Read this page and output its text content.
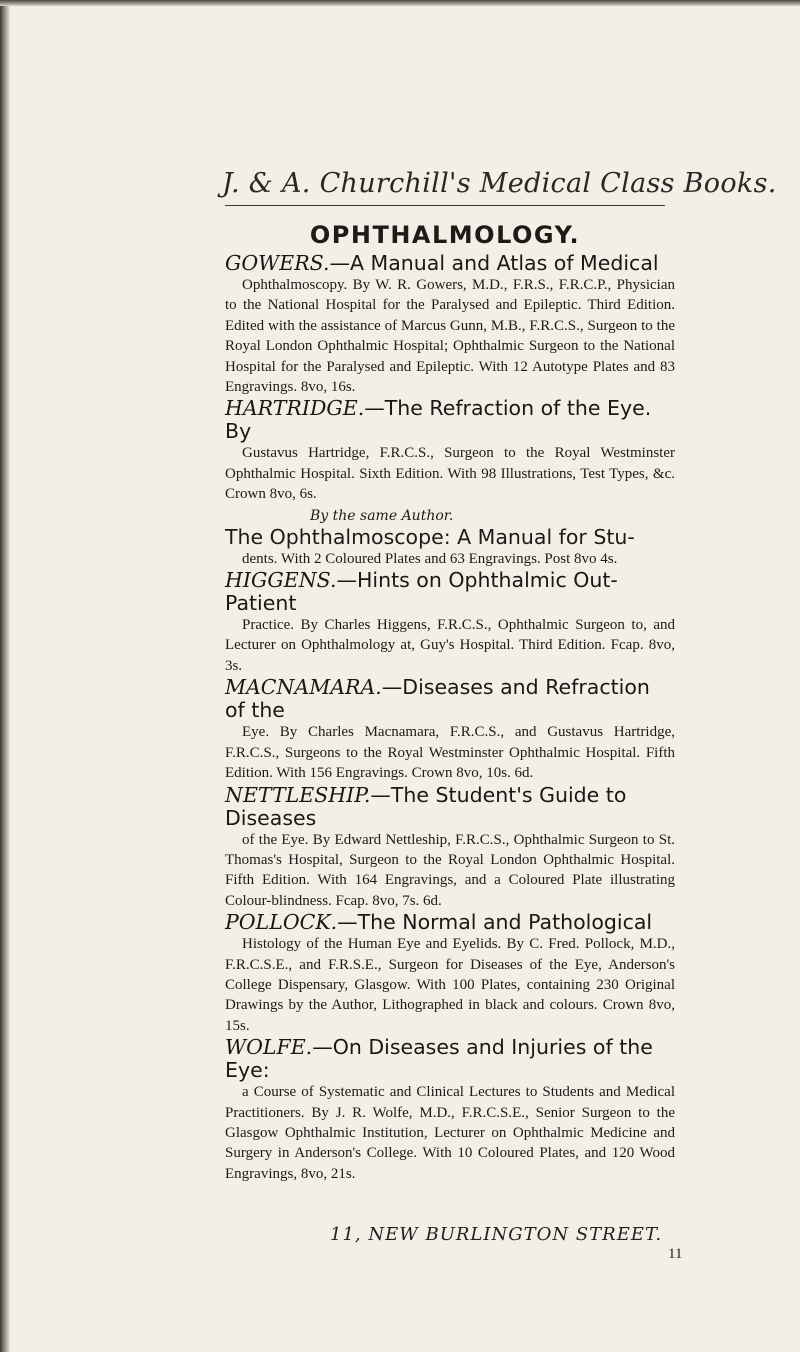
J. & A. Churchill's Medical Class Books.
OPHTHALMOLOGY.
GOWERS.—A Manual and Atlas of Medical

Ophthalmoscopy. By W. R. Gowers, M.D., F.R.S., F.R.C.P., Physician to the National Hospital for the Paralysed and Epileptic. Third Edition. Edited with the assistance of Marcus Gunn, M.B., F.R.C.S., Surgeon to the Royal London Ophthalmic Hospital; Ophthalmic Surgeon to the National Hospital for the Paralysed and Epileptic. With 12 Autotype Plates and 83 Engravings. 8vo, 16s.

HARTRIDGE.—The Refraction of the Eye. By

Gustavus Hartridge, F.R.C.S., Surgeon to the Royal Westminster Ophthalmic Hospital. Sixth Edition. With 98 Illustrations, Test Types, &c. Crown 8vo, 6s.

By the same Author.
The Ophthalmoscope: A Manual for Stu-

dents. With 2 Coloured Plates and 63 Engravings. Post 8vo 4s.

HIGGENS.—Hints on Ophthalmic Out-Patient

Practice. By Charles Higgens, F.R.C.S., Ophthalmic Surgeon to, and Lecturer on Ophthalmology at, Guy's Hospital. Third Edition. Fcap. 8vo, 3s.

MACNAMARA.—Diseases and Refraction of the

Eye. By Charles Macnamara, F.R.C.S., and Gustavus Hartridge, F.R.C.S., Surgeons to the Royal Westminster Ophthalmic Hospital. Fifth Edition. With 156 Engravings. Crown 8vo, 10s. 6d.

NETTLESHIP.—The Student's Guide to Diseases

of the Eye. By Edward Nettleship, F.R.C.S., Ophthalmic Surgeon to St. Thomas's Hospital, Surgeon to the Royal London Ophthalmic Hospital. Fifth Edition. With 164 Engravings, and a Coloured Plate illustrating Colour-blindness. Fcap. 8vo, 7s. 6d.

POLLOCK.—The Normal and Pathological

Histology of the Human Eye and Eyelids. By C. Fred. Pollock, M.D., F.R.C.S.E., and F.R.S.E., Surgeon for Diseases of the Eye, Anderson's College Dispensary, Glasgow. With 100 Plates, containing 230 Original Drawings by the Author, Lithographed in black and colours. Crown 8vo, 15s.

WOLFE.—On Diseases and Injuries of the Eye:

a Course of Systematic and Clinical Lectures to Students and Medical Practitioners. By J. R. Wolfe, M.D., F.R.C.S.E., Senior Surgeon to the Glasgow Ophthalmic Institution, Lecturer on Ophthalmic Medicine and Surgery in Anderson's College. With 10 Coloured Plates, and 120 Wood Engravings, 8vo, 21s.

11, NEW BURLINGTON STREET.
11
